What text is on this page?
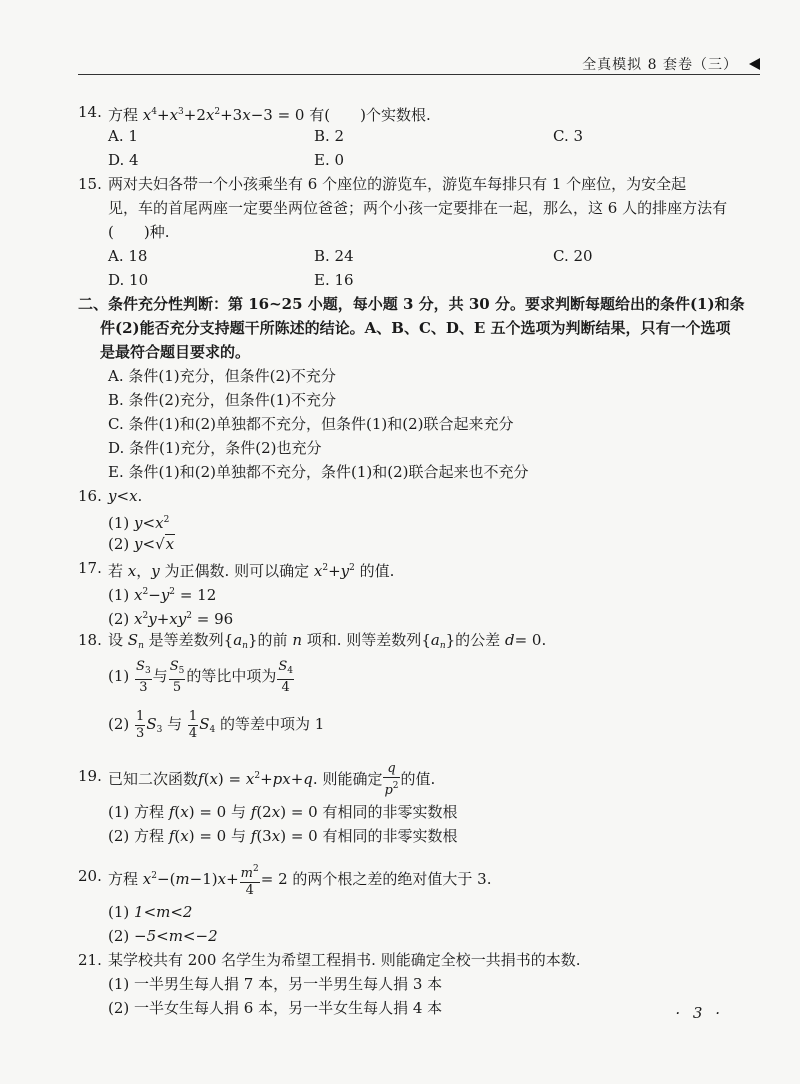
全真模拟 8 套卷（三）
14. 方程 $x^4+x^3+2x^2+3x-3 = 0$ 有(　　)个实数根.
A. 1	B. 2	C. 3
D. 4	E. 0
15. 两对夫妇各带一个小孩乘坐有 6 个座位的游览车，游览车每排只有 1 个座位，为安全起
见，车的首尾两座一定要坐两位爸爸；两个小孩一定要排在一起，那么，这 6 人的排座方法有
(　　)种.
A. 18	B. 24	C. 20
D. 10	E. 16
二、条件充分性判断：第 16~25 小题，每小题 3 分，共 30 分。要求判断每题给出的条件(1)和条
件(2)能否充分支持题干所陈述的结论。A、B、C、D、E 五个选项为判断结果，只有一个选项
是最符合题目要求的。
A. 条件(1)充分，但条件(2)不充分
B. 条件(2)充分，但条件(1)不充分
C. 条件(1)和(2)单独都不充分，但条件(1)和(2)联合起来充分
D. 条件(1)充分，条件(2)也充分
E. 条件(1)和(2)单独都不充分，条件(1)和(2)联合起来也不充分
16. y<x.
(1) $y<x^2$
(2) y<√x
17. 若 x，y 为正偶数. 则可以确定 $x^2+y^2$ 的值.
(1) $x^2-y^2 = 12$
(2) $x^2y+xy^2 = 96$
18. 设 $S_n$ 是等差数列$\{a_n\}$的前 n 项和. 则等差数列$\{a_n\}$的公差 d= 0.
$(1) \frac{S_3}{3}$ 与 $\frac{S_5}{5}$ 的等比中项为 $\frac{S_4}{4}$
$(2) \frac{1}{3} S_3$ 与 $\frac{1}{4} S_4$ 的等差中项为 1
19. 已知二次函数$f(x) = x^2+px+q$. 则能确定 $\frac{q}{p^2}$ 的值.
(1) 方程 f(x) = 0 与 f(2x) = 0 有相同的非零实数根
(2) 方程 f(x) = 0 与 f(3x) = 0 有相同的非零实数根
20. 方程 $x^2-(m-1)x+ \frac{m^2}{4} = 2$ 的两个根之差的绝对值大于 3.
(1) 1<m<2
(2) −5<m<−2
21. 某学校共有 200 名学生为希望工程捐书. 则能确定全校一共捐书的本数.
(1) 一半男生每人捐 7 本，另一半男生每人捐 3 本
(2) 一半女生每人捐 6 本，另一半女生每人捐 4 本	· 3 ·
